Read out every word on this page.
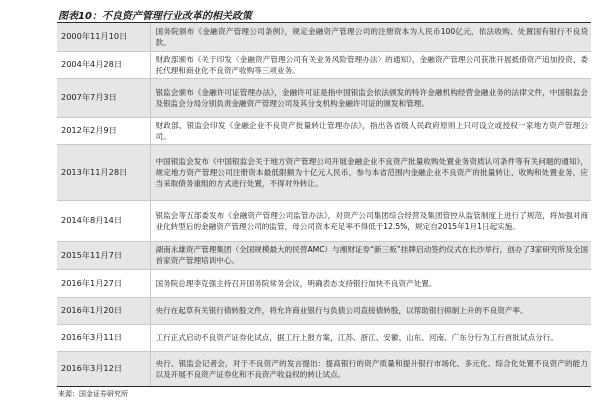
图表10：不良资产管理行业改革的相关政策
2000年11月10日	国务院颁布《金融资产管理公司条例》，规定金融资产管理公司的注册资本为人民币100亿元，依法收购、处置国有银行不良贷款。
2004年4月28日	财政部颁布《关于印发〈金融资产管理公司有关业务风险管理办法〉的通知》，金融资产管理公司获准开展抵债资产追加投资、委托代理和商业化不良资产收购等三项业务。
2007年7月3日	银监会颁布《金融许可证管理办法》，金融许可证是指中国银监会依法颁发的特许金融机构经营金融业务的法律文件，中国银监会及银监会分局分别负责金融资产管理公司及其分支机构金融许可证的颁发和管理。
2012年2月9日	财政部、银监会印发《金融企业不良资产批量转让管理办法》，指出各省级人民政府原则上只可设立或授权一家地方资产管理公司。
2013年11月28日	中国银监会发布《中国银监会关于地方资产管理公司开展金融企业不良资产批量收购处置业务资质认可条件等有关问题的通知》，规定地方资产管理公司注册资本最低限额为十亿元人民币，参与本省范围内金融企业不良资产的批量转让、收购和处置业务，应当采取债务重组的方式进行处置，不得对外转让。
2014年8月14日	银监会等五部委发布《金融资产管理公司监管办法》，对资产公司集团综合经营及集团管控从监管制度上进行了规范，将加强对商业化转型后的金融资产管理公司的监管，母公司资本充足率不得低于12.5%，规定自2015年1月1日起实施。
2015年11月7日	湖南永雄资产管理集团（全国规模最大的民营AMC）与湘财证券“新三板”挂牌启动签约仪式在长沙举行，创办了3家研究所及全国首家资产管理培训中心。
2016年1月27日	国务院总理李克强主持召开国务院常务会议，明确表态支持银行加快不良资产处置。
2016年1月20日	央行在起草有关银行债转股文件，将允许商业银行与负债公司直接债转股，以帮助银行抑制上升的不良资产率。
2016年3月11日	工行正式启动不良资产证券化试点，据工行上报方案，江苏、浙江、安徽、山东、河南、广东分行为工行首批试点分行。
2016年3月12日	央行、银监会记者会，对于不良资产的发言提出：提高银行的资产质量和提升银行市场化、多元化、综合化处置不良资产的能力以及开展不良资产证券化和不良资产收益权的转让试点。
来源：国金证券研究所
